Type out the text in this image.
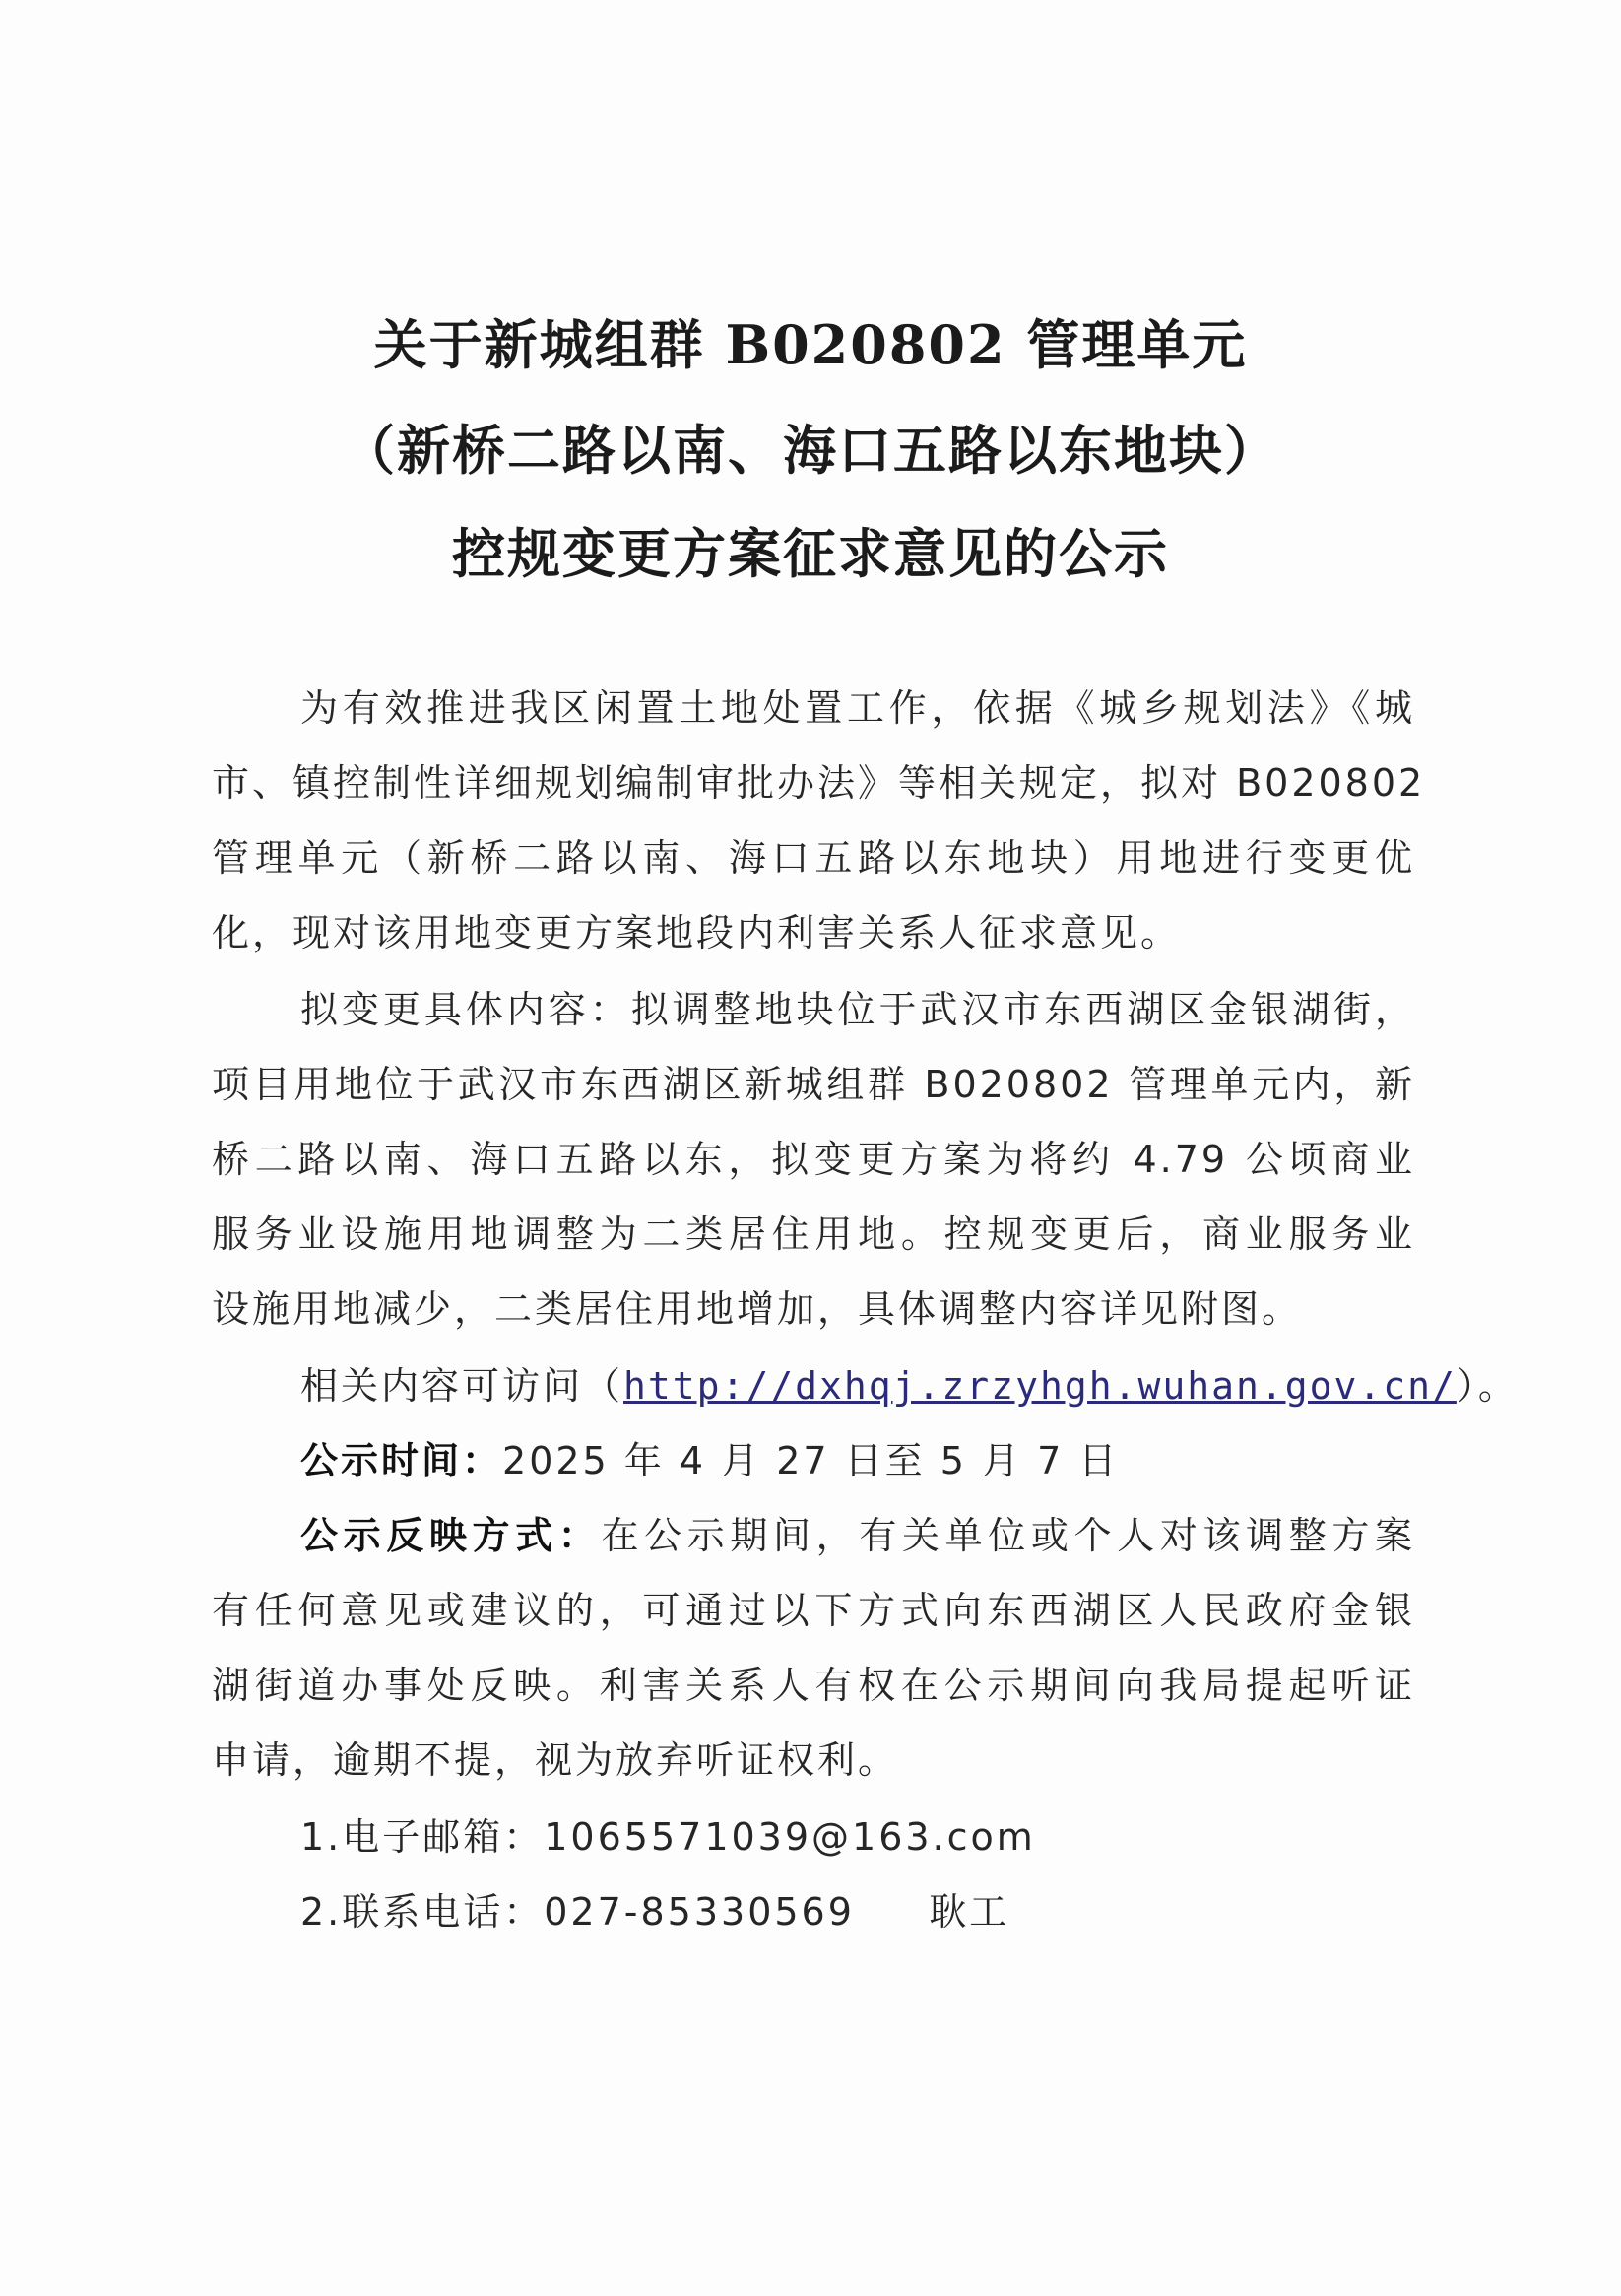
关于新城组群 B020802 管理单元
（新桥二路以南、海口五路以东地块）
控规变更方案征求意见的公示
为有效推进我区闲置土地处置工作，依据《城乡规划法》《城
市、镇控制性详细规划编制审批办法》等相关规定，拟对 B020802
管理单元（新桥二路以南、海口五路以东地块）用地进行变更优
化，现对该用地变更方案地段内利害关系人征求意见。
拟变更具体内容：拟调整地块位于武汉市东西湖区金银湖街，
项目用地位于武汉市东西湖区新城组群 B020802 管理单元内，新
桥二路以南、海口五路以东，拟变更方案为将约 4.79 公顷商业
服务业设施用地调整为二类居住用地。控规变更后，商业服务业
设施用地减少，二类居住用地增加，具体调整内容详见附图。
相关内容可访问（http://dxhqj.zrzyhgh.wuhan.gov.cn/）。
公示时间：2025 年 4 月 27 日至 5 月 7 日
公示反映方式：在公示期间，有关单位或个人对该调整方案
有任何意见或建议的，可通过以下方式向东西湖区人民政府金银
湖街道办事处反映。利害关系人有权在公示期间向我局提起听证
申请，逾期不提，视为放弃听证权利。
1.电子邮箱：1065571039@163.com
2.联系电话：027-85330569     耿工
